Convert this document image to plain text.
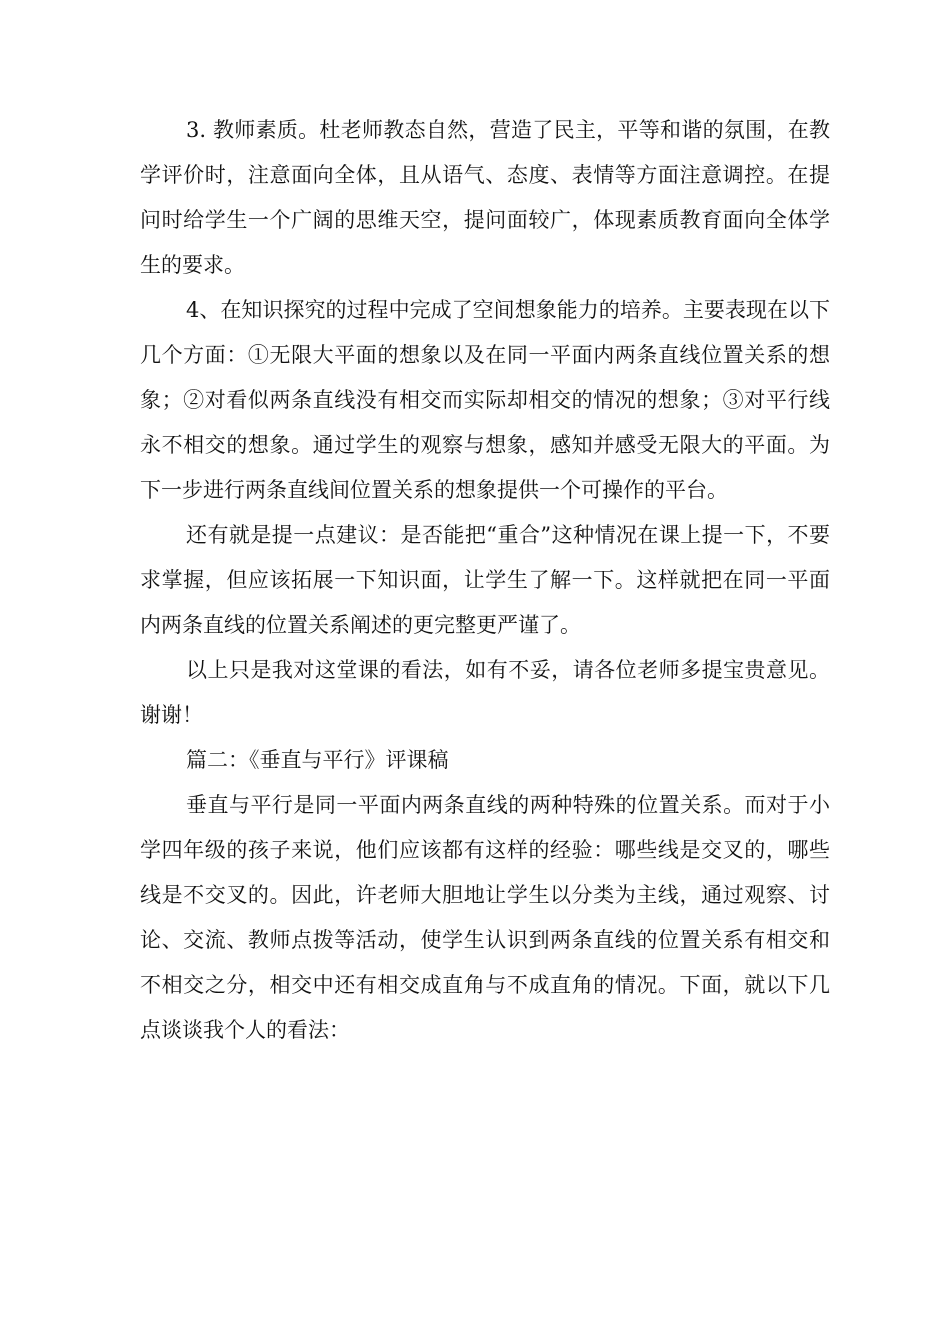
3. 教师素质。杜老师教态自然，营造了民主，平等和谐的氛围，在教学评价时，注意面向全体，且从语气、态度、表情等方面注意调控。在提问时给学生一个广阔的思维天空，提问面较广，体现素质教育面向全体学生的要求。

4、在知识探究的过程中完成了空间想象能力的培养。主要表现在以下几个方面：①无限大平面的想象以及在同一平面内两条直线位置关系的想象；②对看似两条直线没有相交而实际却相交的情况的想象；③对平行线永不相交的想象。通过学生的观察与想象，感知并感受无限大的平面。为下一步进行两条直线间位置关系的想象提供一个可操作的平台。

还有就是提一点建议：是否能把“重合”这种情况在课上提一下，不要求掌握，但应该拓展一下知识面，让学生了解一下。这样就把在同一平面内两条直线的位置关系阐述的更完整更严谨了。

以上只是我对这堂课的看法，如有不妥，请各位老师多提宝贵意见。谢谢！

篇二：《垂直与平行》评课稿

垂直与平行是同一平面内两条直线的两种特殊的位置关系。而对于小学四年级的孩子来说，他们应该都有这样的经验：哪些线是交叉的，哪些线是不交叉的。因此，许老师大胆地让学生以分类为主线，通过观察、讨论、交流、教师点拨等活动，使学生认识到两条直线的位置关系有相交和不相交之分，相交中还有相交成直角与不成直角的情况。下面，就以下几点谈谈我个人的看法：
